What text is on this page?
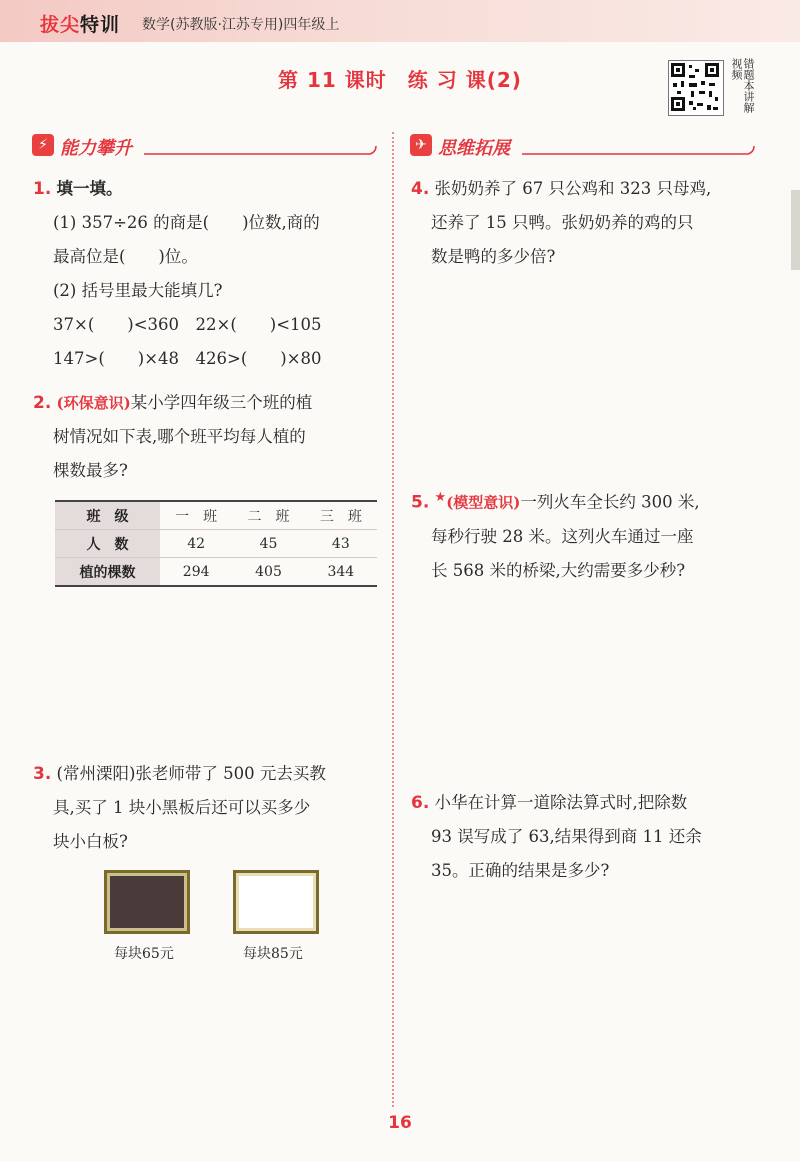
拔尖特训 数学(苏教版·江苏专用)四年级上
第 11 课时　练 习 课(2)	错题本讲解视频
⚡ 能力攀升	✈ 思维拓展
1. 填一填。
(1) 357÷26 的商是(　　)位数,商的
最高位是(　　)位。
(2) 括号里最大能填几?
37×(　　)<360　22×(　　)<105
147>(　　)×48　426>(　　)×80
2. (环保意识)某小学四年级三个班的植
树情况如下表,哪个班平均每人植的
棵数最多?
班　级	一　班	二　班	三　班
人　数	42	45	43
植的棵数	294	405	344
3. (常州溧阳)张老师带了 500 元去买教
具,买了 1 块小黑板后还可以买多少
块小白板?
每块65元	每块85元
4. 张奶奶养了 67 只公鸡和 323 只母鸡,
还养了 15 只鸭。张奶奶养的鸡的只
数是鸭的多少倍?
5. ★(模型意识)一列火车全长约 300 米,
每秒行驶 28 米。这列火车通过一座
长 568 米的桥梁,大约需要多少秒?
6. 小华在计算一道除法算式时,把除数
93 误写成了 63,结果得到商 11 还余
35。正确的结果是多少?
16
